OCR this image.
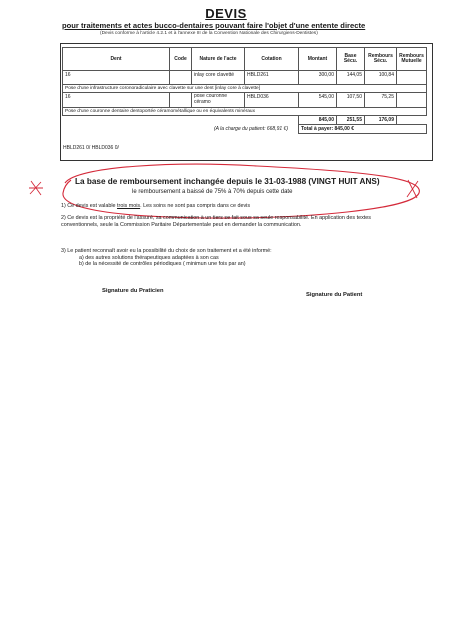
DEVIS
pour traitements et actes bucco-dentaires pouvant faire l'objet d'une entente directe
(Devis conforme à l'article 4.2.1 et à l'annexe III de la Convention Nationale des Chirurgiens-Dentistes)
Dent	Code	Nature de l'acte	Cotation	Montant	Base Sécu.	Rembours Sécu.	Rembours Mutuelle
16		inlay core clavetté	HBLD261	300,00	144,05	100,84	
Pose d'une infrastructure coronoradiculaire avec clavette sur une dent [inlay core à clavette]							
16		pose couronne céramo	HBLD036	545,00	107,50	75,25	
Pose d'une couronne dentaire dentoportée céramométallique ou en équivalents minéraux							
				845,00	251,55	176,09	
(A la charge du patient: 668,91 €)				Total à payer: 845,00 €			
HBLD261 0/ HBLD036 0/
La base de remboursement inchangée depuis le 31-03-1988 (VINGT HUIT ANS)
le remboursement a baissé de 75% à 70% depuis cette date
1) Ce devis est valable trois mois. Les soins ne sont pas compris dans ce devis
2) Ce devis est la propriété de l'assuré, sa communication à un tiers se fait sous sa seule responsabilité. En application des textes conventionnels, seule la Commission Paritaire Départementale peut en demander la communication.
3) Le patient reconnaît avoir eu la possibilité du choix de son traitement et a été informé:
a) des autres solutions thérapeutiques adaptées à son cas
b) de la nécessité de contrôles périodiques ( minimun une fois par an)
Signature du Praticien
Signature du Patient
